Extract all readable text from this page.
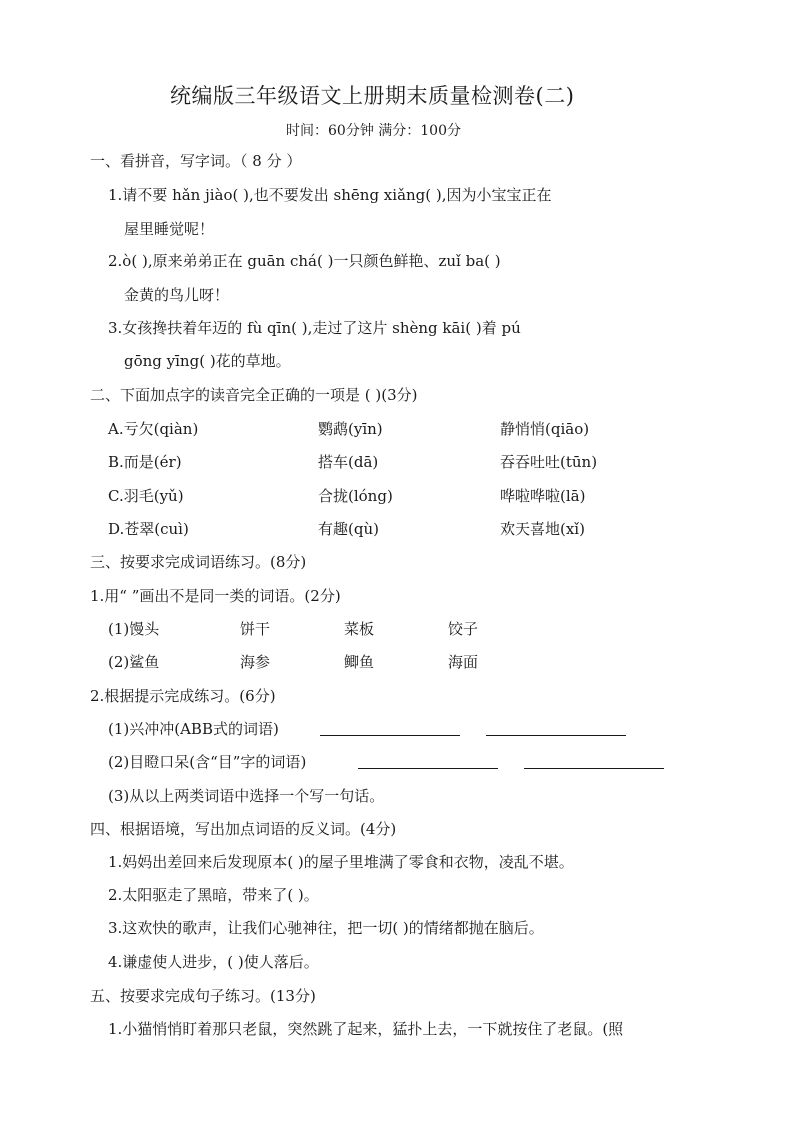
统编版三年级语文上册期末质量检测卷(二)
时间：60分钟 满分：100分
一、看拼音，写字词。（ 8 分 ）
1.请不要 hǎn jiào( ),也不要发出 shēng xiǎng( ),因为小宝宝正在
屋里睡觉呢！
2.ò( ),原来弟弟正在 guān chá( )一只颜色鲜艳、zuǐ ba( )
金黄的鸟儿呀！
3.女孩搀扶着年迈的 fù qīn( ),走过了这片 shèng kāi( )着 pú
gōng yīng( )花的草地。
二、下面加点字的读音完全正确的一项是 ( )(3分)
A.亏欠(qiàn)	鹦鹉(yīn)	静悄悄(qiāo)
B.而是(ér)	搭车(dā)	吞吞吐吐(tūn)
C.羽毛(yǔ)	合拢(lóng)	哗啦哗啦(lā)
D.苍翠(cuì)	有趣(qù)	欢天喜地(xǐ)
三、按要求完成词语练习。(8分)
1.用“ ”画出不是同一类的词语。(2分)
(1)馒头	饼干	菜板	饺子
(2)鲨鱼	海参	鲫鱼	海面
2.根据提示完成练习。(6分)
(1)兴冲冲(ABB式的词语)
(2)目瞪口呆(含“目”字的词语)
(3)从以上两类词语中选择一个写一句话。
四、根据语境，写出加点词语的反义词。(4分)
1.妈妈出差回来后发现原本( )的屋子里堆满了零食和衣物，凌乱不堪。
2.太阳驱走了黑暗，带来了( )。
3.这欢快的歌声，让我们心驰神往，把一切( )的情绪都抛在脑后。
4.谦虚使人进步，( )使人落后。
五、按要求完成句子练习。(13分)
1.小猫悄悄盯着那只老鼠，突然跳了起来，猛扑上去，一下就按住了老鼠。(照
